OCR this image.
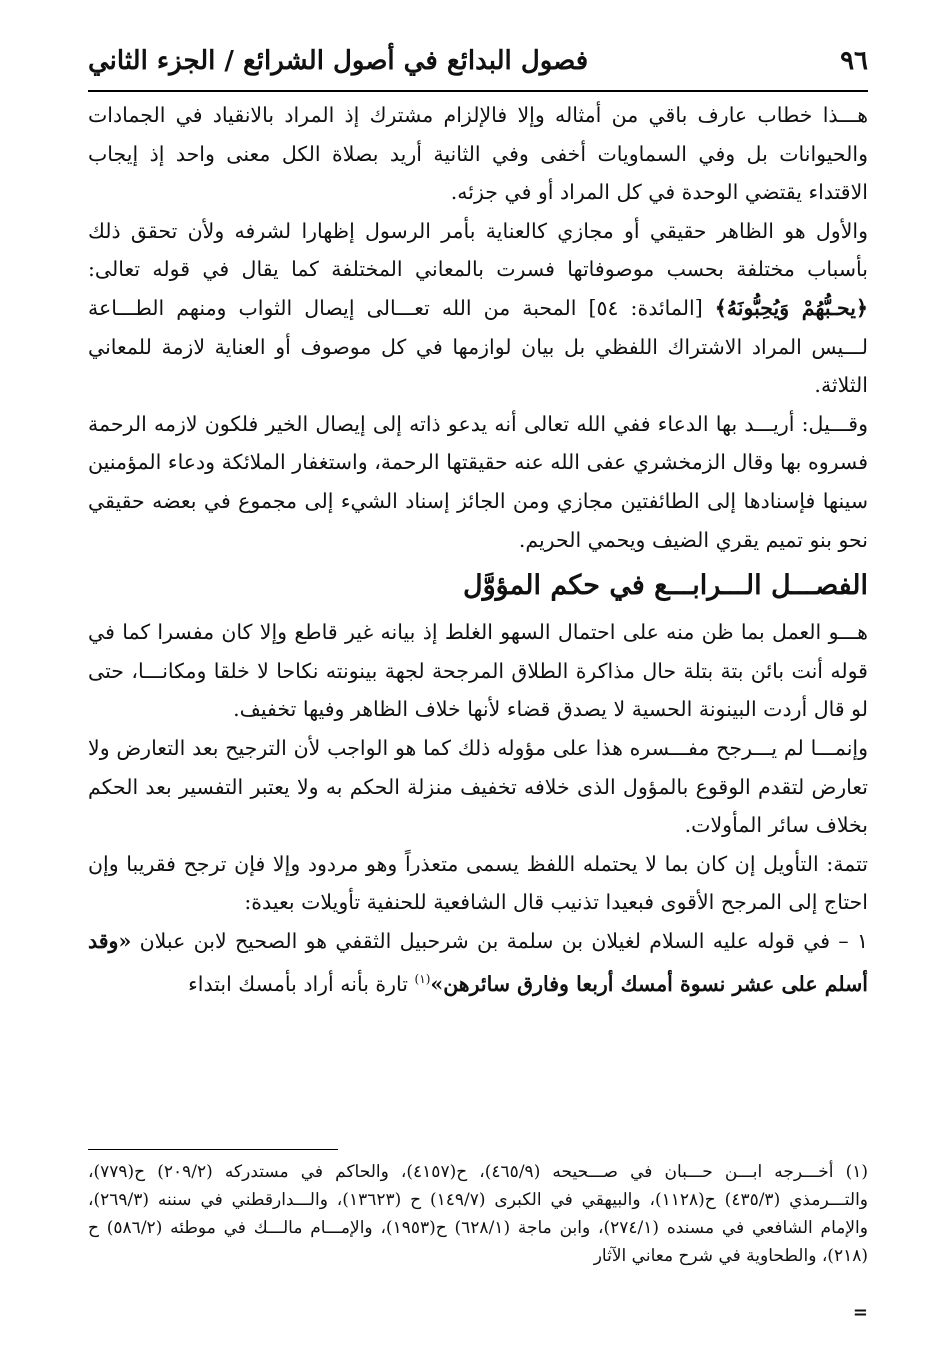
٩٦
فصول البدائع في أصول الشرائع / الجزء الثاني

هـــذا خطاب عارف باقي من أمثاله وإلا فالإلزام مشترك إذ المراد بالانقياد في الجمادات والحيوانات بل وفي السماويات أخفى وفي الثانية أريد بصلاة الكل معنى واحد إذ إيجاب الاقتداء يقتضي الوحدة في كل المراد أو في جزئه.

والأول هو الظاهر حقيقي أو مجازي كالعناية بأمر الرسول إظهارا لشرفه ولأن تحقق ذلك بأسباب مختلفة بحسب موصوفاتها فسرت بالمعاني المختلفة كما يقال في قوله تعالى: ﴿يحـبُّهُمْ وَيُحِبُّونَهُ﴾ [المائدة: ٥٤] المحبة من الله تعـــالى إيصال الثواب ومنهم الطـــاعة لـــيس المراد الاشتراك اللفظي بل بيان لوازمها في كل موصوف أو العناية لازمة للمعاني الثلاثة.

وقـــيل: أريـــد بها الدعاء ففي الله تعالى أنه يدعو ذاته إلى إيصال الخير فلكون لازمه الرحمة فسروه بها وقال الزمخشري عفى الله عنه حقيقتها الرحمة، واستغفار الملائكة ودعاء المؤمنين سينها فإسنادها إلى الطائفتين مجازي ومن الجائز إسناد الشيء إلى مجموع في بعضه حقيقي نحو بنو تميم يقري الضيف ويحمي الحريم.

الفصـــل الـــرابـــع في حكم المؤوَّل

هـــو العمل بما ظن منه على احتمال السهو الغلط إذ بيانه غير قاطع وإلا كان مفسرا كما في قوله أنت بائن بتة بتلة حال مذاكرة الطلاق المرجحة لجهة بينونته نكاحا لا خلقا ومكانـــا، حتى لو قال أردت البينونة الحسية لا يصدق قضاء لأنها خلاف الظاهر وفيها تخفيف.

وإنمـــا لم يـــرجح مفـــسره هذا على مؤوله ذلك كما هو الواجب لأن الترجيح بعد التعارض ولا تعارض لتقدم الوقوع بالمؤول الذى خلافه تخفيف منزلة الحكم به ولا يعتبر التفسير بعد الحكم بخلاف سائر المأولات.

تتمة: التأويل إن كان بما لا يحتمله اللفظ يسمى متعذراً وهو مردود وإلا فإن ترجح فقريبا وإن احتاج إلى المرجح الأقوى فبعيدا تذنيب قال الشافعية للحنفية تأويلات بعيدة:

١ – في قوله عليه السلام لغيلان بن سلمة بن شرحبيل الثقفي هو الصحيح لابن عبلان «وقد أسلم على عشر نسوة أمسك أربعا وفارق سائرهن»$^{(١)}$ تارة بأنه أراد بأمسك ابتداء

(١) أخـــرجه ابـــن حـــبان في صـــحيحه (٤٦٥/٩)، ح(٤١٥٧)، والحاكم في مستدركه (٢٠٩/٢) ح(٧٧٩)، والتـــرمذي (٤٣٥/٣) ح(١١٢٨)، والبيهقي في الكبرى (١٤٩/٧) ح (١٣٦٢٣)، والـــدارقطني في سننه (٢٦٩/٣)، والإمام الشافعي في مسنده (٢٧٤/١)، وابن ماجة (٦٢٨/١) ح(١٩٥٣)، والإمـــام مالـــك في موطئه (٥٨٦/٢) ح (٢١٨)، والطحاوية في شرح معاني الآثار

=
